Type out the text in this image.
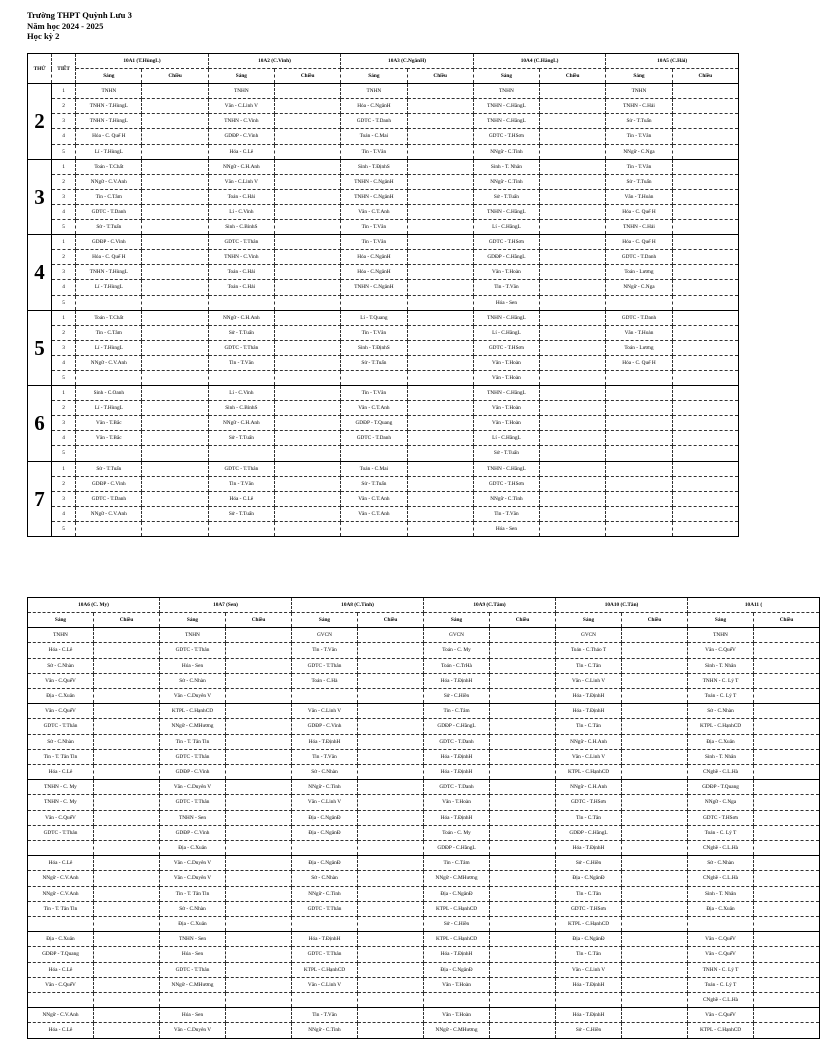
Trường THPT Quỳnh Lưu 3
Năm học 2024 - 2025
Học kỳ 2
THỨ	TIẾT	10A1 (T.HùngL)		10A2 (C.Vinh)		10A3 (C.NgânH)		10A4 (C.HằngL)		10A5 (C.Hải)	
		Sáng	Chiều	Sáng	Chiều	Sáng	Chiều	Sáng	Chiều	Sáng	Chiều
2	1	TNHN		TNHN		TNHN		TNHN		TNHN	
	2	TNHN - T.HùngL		Văn - C.Linh V		Hóa - C.NgânH		TNHN - C.HằngL		TNHN - C.Hải	
	3	TNHN - T.HùngL		TNHN - C.Vinh		GDTC - T.Danh		TNHN - C.HằngL		Sử - T.Tuấn	
	4	Hóa - C. Quế H		GDĐP - C.Vinh		Toán - C.Mai		GDTC - T.HSơn		Tin - T.Văn	
	5	Lí - T.HùngL		Hóa - C.Lê		Tin - T.Văn		NNgữ - C.Tình		NNgữ - C.Nga	
3	1	Toán - T.Chất		NNgữ - C.H.Anh		Sinh - T.ĐịnhS		Sinh - T. Nhân		Tin - T.Văn	
	2	NNgữ - C.V.Anh		Văn - C.Linh V		TNHN - C.NgânH		NNgữ - C.Tình		Sử - T.Tuấn	
	3	Tin - C.Tâm		Toán - C.Hải		TNHN - C.NgânH		Sử - T.Tuấn		Văn - T.Hoàn	
	4	GDTC - T.Danh		Lí - C.Vinh		Văn - C.T.Anh		TNHN - C.HằngL		Hóa - C. Quế H	
	5	Sử - T.Tuấn		Sinh - C.BìnhS		Tin - T.Văn		Lí - C.HằngL		TNHN - C.Hải	
4	1	GDĐP - C.Vinh		GDTC - T.Thân		Tin - T.Văn		GDTC - T.HSơn		Hóa - C. Quế H	
	2	Hóa - C. Quế H		TNHN - C.Vinh		Hóa - C.NgânH		GDĐP - C.HằngL		GDTC - T.Danh	
	3	TNHN - T.HùngL		Toán - C.Hải		Hóa - C.NgânH		Văn - T.Hoàn		Toán - Lương	
	4	Lí - T.HùngL		Toán - C.Hải		TNHN - C.NgânH		Tin - T.Văn		NNgữ - C.Nga	
	5							Hóa - Sen			
5	1	Toán - T.Chất		NNgữ - C.H.Anh		Lí - T.Quang		TNHN - C.HằngL		GDTC - T.Danh	
	2	Tin - C.Tâm		Sử - T.Tuấn		Tin - T.Văn		Lí - C.HằngL		Văn - T.Hoàn	
	3	Lí - T.HùngL		GDTC - T.Thân		Sinh - T.ĐịnhS		GDTC - T.HSơn		Toán - Lương	
	4	NNgữ - C.V.Anh		Tin - T.Văn		Sử - T.Tuấn		Văn - T.Hoàn		Hóa - C. Quế H	
	5							Văn - T.Hoàn			
6	1	Sinh - C.Oanh		Lí - C.Vinh		Tin - T.Văn		TNHN - C.HằngL			
	2	Lí - T.HùngL		Sinh - C.BìnhS		Văn - C.T.Anh		Văn - T.Hoàn			
	3	Văn - T.Bắc		NNgữ - C.H.Anh		GDĐP - T.Quang		Văn - T.Hoàn			
	4	Văn - T.Bắc		Sử - T.Tuấn		GDTC - T.Danh		Lí - C.HằngL			
	5							Sử - T.Tuấn			
7	1	Sử - T.Tuấn		GDTC - T.Thân		Toán - C.Mai		TNHN - C.HằngL			
	2	GDĐP - C.Vinh		Tin - T.Văn		Sử - T.Tuấn		GDTC - T.HSơn			
	3	GDTC - T.Danh		Hóa - C.Lê		Văn - C.T.Anh		NNgữ - C.Tình			
	4	NNgữ - C.V.Anh		Sử - T.Tuấn		Văn - C.T.Anh		Tin - T.Văn			
	5							Hóa - Sen			
10A6 (C. My)		10A7 (Sen)		10A8 (C.Tình)		10A9 (C.Tâm)		10A10 (C.Tân)		10A11 (	
Sáng	Chiều	Sáng	Chiều	Sáng	Chiều	Sáng	Chiều	Sáng	Chiều	Sáng	Chiều
TNHN		TNHN		GVCN		GVCN		GVCN		TNHN	
Hóa - C.Lê		GDTC - T.Thân		Tin - T.Văn		Toán - C. My		Toán - C.Thảo T		Văn - C.QuếV	
Sử - C.Nhàn		Hóa - Sen		GDTC - T.Thân		Toán - C.TrHà		Tin - C.Tân		Sinh - T. Nhân	
Văn - C.QuếV		Sử - C.Nhàn		Toán - C.Hà		Hóa - T.ĐịnhH		Văn - C.Linh V		TNHN - C. Lý T	
Địa - C.Xuân		Văn - C.Duyên V				Sử - C.Hiền		Hóa - T.ĐịnhH		Toán - C. Lý T	
Văn - C.QuếV		KTPL - C.HạnhCD		Văn - C.Linh V		Tin - C.Tâm		Hóa - T.ĐịnhH		Sử - C.Nhàn	
GDTC - T.Thân		NNgữ - C.MHương		GDĐP - C.Vinh		GDĐP - C.HằngL		Tin - C.Tân		KTPL - C.HạnhCD	
Sử - C.Nhàn		Tin - T. Tân Tin		Hóa - T.ĐịnhH		GDTC - T.Danh		NNgữ - C.H.Anh		Địa - C.Xuân	
Tin - T. Tân Tin		GDTC - T.Thân		Tin - T.Văn		Hóa - T.ĐịnhH		Văn - C.Linh V		Sinh - T. Nhân	
Hóa - C.Lê		GDĐP - C.Vinh		Sử - C.Nhàn		Hóa - T.ĐịnhH		KTPL - C.HạnhCD		CNghề - C.L.Hà	
TNHN - C. My		Văn - C.Duyên V		NNgữ - C.Tình		GDTC - T.Danh		NNgữ - C.H.Anh		GDĐP - T.Quang	
TNHN - C. My		GDTC - T.Thân		Văn - C.Linh V		Văn - T.Hoàn		GDTC - T.HSơn		NNgữ - C.Nga	
Văn - C.QuếV		TNHN - Sen		Địa - C.NgânĐ		Hóa - T.ĐịnhH		Tin - C.Tân		GDTC - T.HSơn	
GDTC - T.Thân		GDĐP - C.Vinh		Địa - C.NgânĐ		Toán - C. My		GDĐP - C.HằngL		Toán - C. Lý T	
		Địa - C.Xuân				GDĐP - C.HằngL		Hóa - T.ĐịnhH		CNghề - C.L.Hà	
Hóa - C.Lê		Văn - C.Duyên V		Địa - C.NgânĐ		Tin - C.Tâm		Sử - C.Hiền		Sử - C.Nhàn	
NNgữ - C.V.Anh		Văn - C.Duyên V		Sử - C.Nhàn		NNgữ - C.MHương		Địa - C.NgânĐ		CNghề - C.L.Hà	
NNgữ - C.V.Anh		Tin - T. Tân Tin		NNgữ - C.Tình		Địa - C.NgânĐ		Tin - C.Tân		Sinh - T. Nhân	
Tin - T. Tân Tin		Sử - C.Nhàn		GDTC - T.Thân		KTPL - C.HạnhCD		GDTC - T.HSơn		Địa - C.Xuân	
		Địa - C.Xuân				Sử - C.Hiền		KTPL - C.HạnhCD			
Địa - C.Xuân		TNHN - Sen		Hóa - T.ĐịnhH		KTPL - C.HạnhCD		Địa - C.NgânĐ		Văn - C.QuếV	
GDĐP - T.Quang		Hóa - Sen		GDTC - T.Thân		Hóa - T.ĐịnhH		Tin - C.Tân		Văn - C.QuếV	
Hóa - C.Lê		GDTC - T.Thân		KTPL - C.HạnhCD		Địa - C.NgânĐ		Văn - C.Linh V		TNHN - C. Lý T	
Văn - C.QuếV		NNgữ - C.MHương		Văn - C.Linh V		Văn - T.Hoàn		Hóa - T.ĐịnhH		Toán - C. Lý T	
										CNghề - C.L.Hà	
NNgữ - C.V.Anh		Hóa - Sen		Tin - T.Văn		Văn - T.Hoàn		Hóa - T.ĐịnhH		Văn - C.QuếV	
Hóa - C.Lê		Văn - C.Duyên V		NNgữ - C.Tình		NNgữ - C.MHương		Sử - C.Hiền		KTPL - C.HạnhCD	
